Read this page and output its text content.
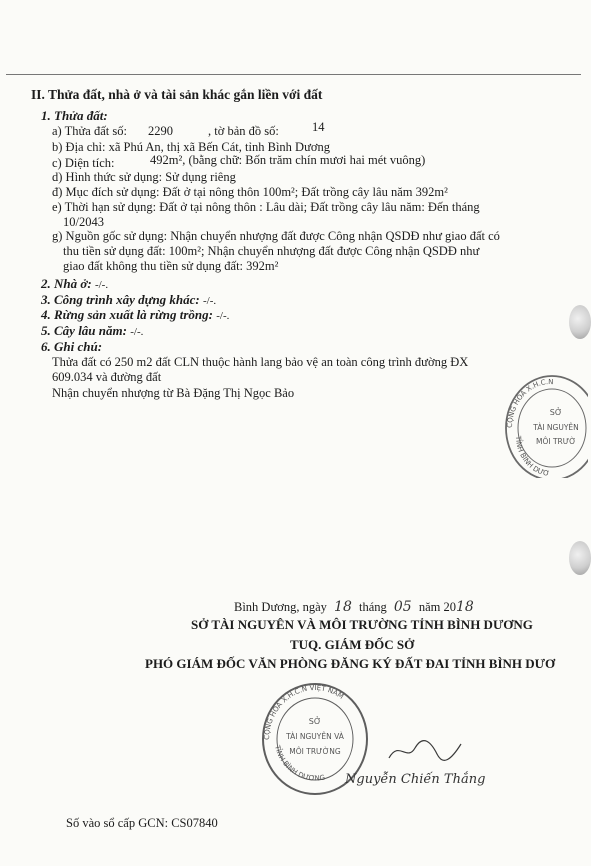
II. Thửa đất, nhà ở và tài sản khác gắn liền với đất
1. Thửa đất:
a) Thửa đất số: 2290	, tờ bản đồ số:	14
b) Địa chỉ: xã Phú An, thị xã Bến Cát, tỉnh Bình Dương
c) Diện tích:	492m², (bằng chữ: Bốn trăm chín mươi hai mét vuông)
d) Hình thức sử dụng: Sử dụng riêng
đ) Mục đích sử dụng: Đất ở tại nông thôn 100m²; Đất trồng cây lâu năm 392m²
e) Thời hạn sử dụng: Đất ở tại nông thôn : Lâu dài; Đất trồng cây lâu năm: Đến tháng
10/2043
g) Nguồn gốc sử dụng: Nhận chuyển nhượng đất được Công nhận QSDĐ như giao đất có
thu tiền sử dụng đất: 100m²; Nhận chuyển nhượng đất được Công nhận QSDĐ như
giao đất không thu tiền sử dụng đất: 392m²
2. Nhà ở: -/-.
3. Công trình xây dựng khác: -/-.
4. Rừng sản xuất là rừng trồng: -/-.
5. Cây lâu năm: -/-.
6. Ghi chú:
Thửa đất có 250 m2 đất CLN thuộc hành lang bảo vệ an toàn công trình đường ĐX
609.034 và đường đất
Nhận chuyển nhượng từ Bà Đặng Thị Ngọc Bảo
CỘNG HÒA X.H.C.N
TỈNH BÌNH DƯƠ
SỞ
TÀI NGUYÊN
MÔI TRƯỜ
Bình Dương, ngày 18 tháng 05 năm 2018
SỞ TÀI NGUYÊN VÀ MÔI TRƯỜNG TỈNH BÌNH DƯƠNG
TUQ. GIÁM ĐỐC SỞ
PHÓ GIÁM ĐỐC VĂN PHÒNG ĐĂNG KÝ ĐẤT ĐAI TỈNH BÌNH DƯƠ
CỘNG HÒA X.H.C.N VIỆT NAM
TỈNH BÌNH DƯƠNG
SỞ
TÀI NGUYÊN VÀ
MÔI TRƯỜNG
Nguyễn Chiến Thắng
Số vào sổ cấp GCN: CS07840
